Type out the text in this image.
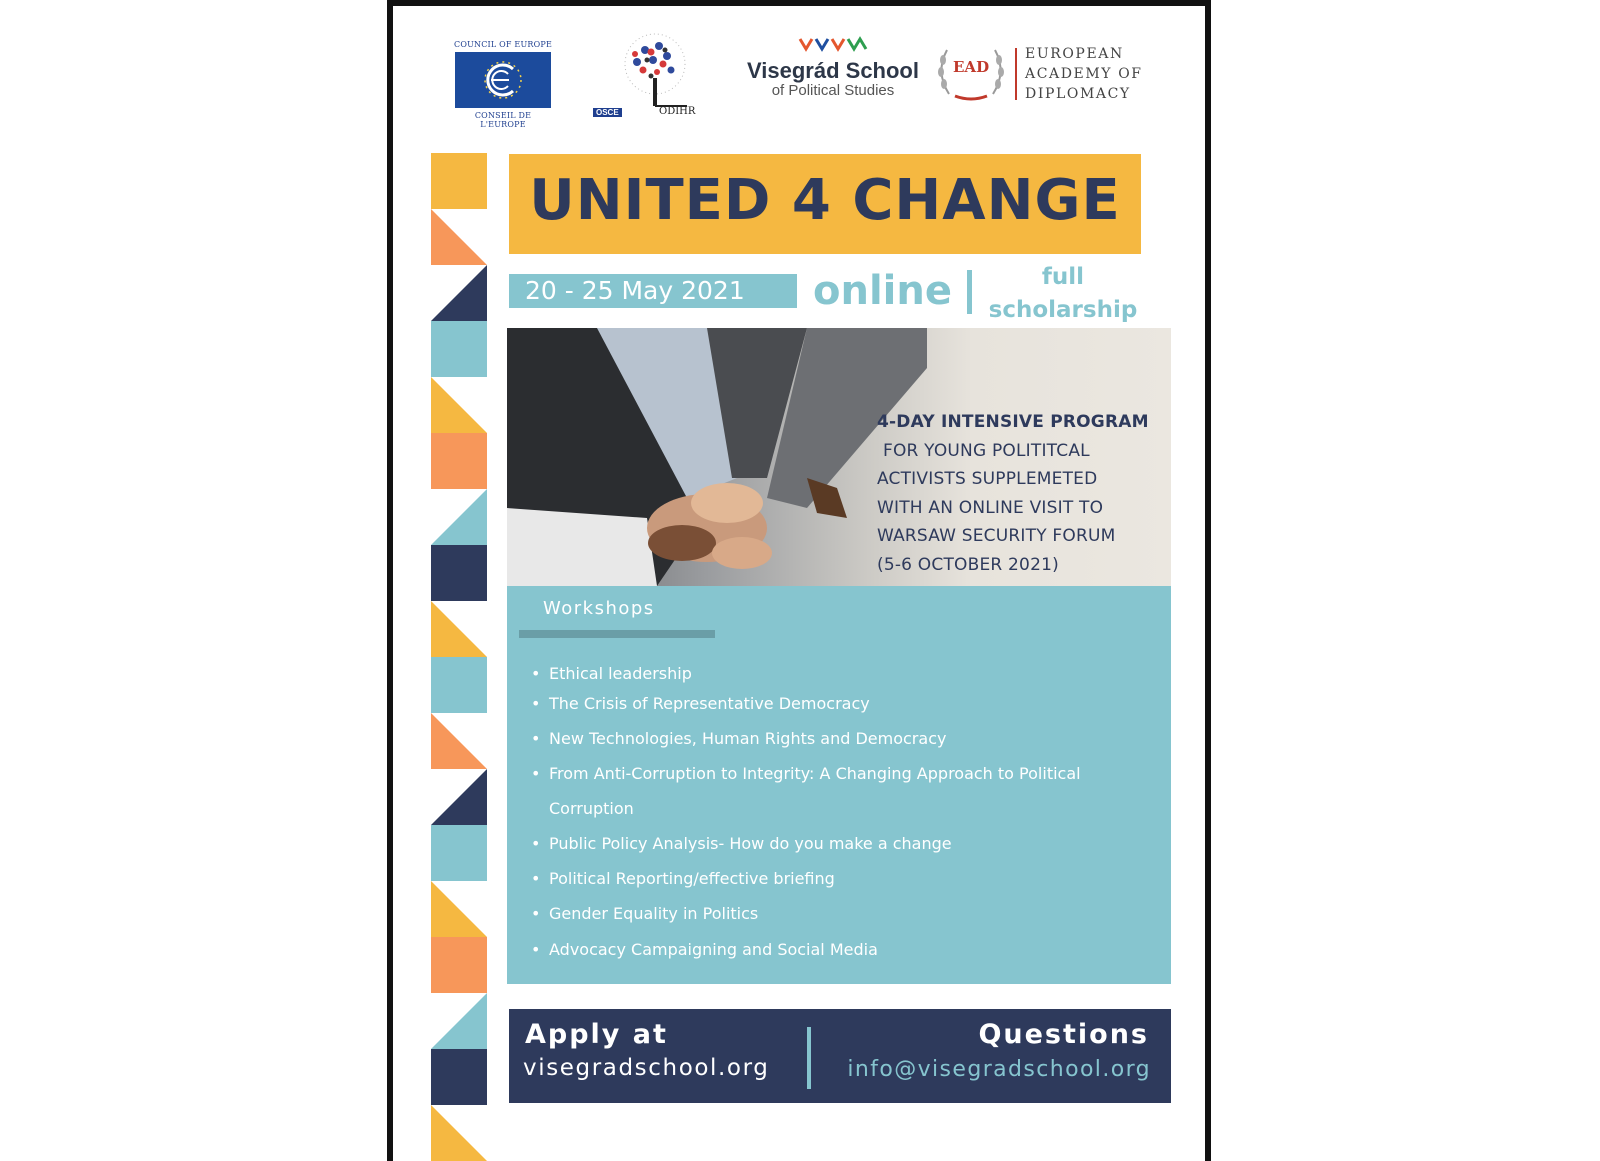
COUNCIL OF EUROPE
CONSEIL DE L'EUROPE
OSCE	ODIHR
Visegrád School
of Political Studies
EAD
EUROPEAN
ACADEMY OF
DIPLOMACY
UNITED 4 CHANGE
20 - 25 May 2021 online	full
scholarship
4-DAY INTENSIVE PROGRAM
FOR YOUNG POLITITCAL
ACTIVISTS SUPPLEMETED
WITH AN ONLINE VISIT TO
WARSAW SECURITY FORUM
(5-6 OCTOBER 2021)
Workshops
• Ethical leadership
• The Crisis of Representative Democracy
• New Technologies, Human Rights and Democracy
• From Anti-Corruption to Integrity: A Changing Approach to Political Corruption
• Public Policy Analysis- How do you make a change
• Political Reporting/effective briefing
• Gender Equality in Politics
• Advocacy Campaigning and Social Media
Apply at
visegradschool.org
Questions
info@visegradschool.org
